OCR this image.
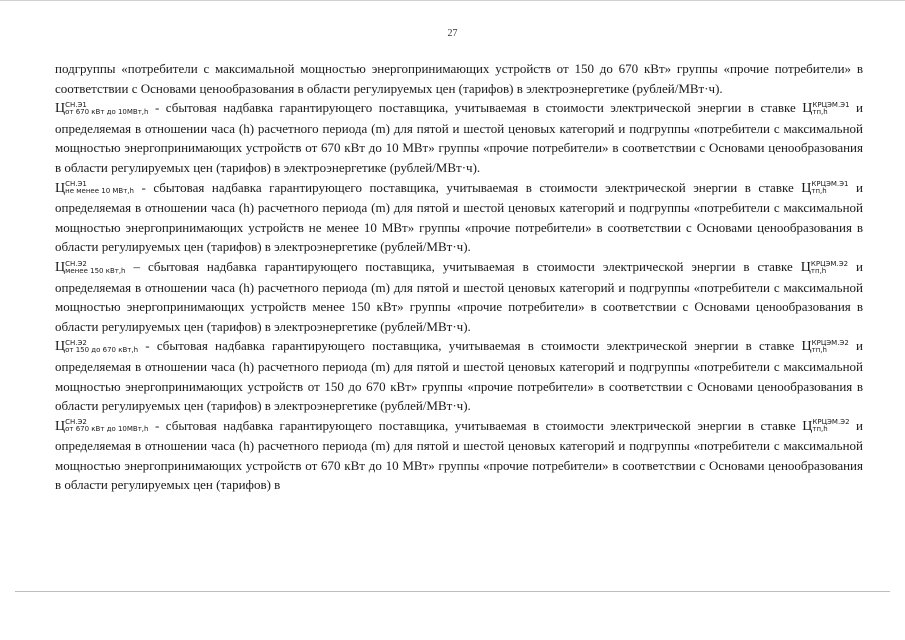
27

подгруппы «потребители с максимальной мощностью энергопринимающих устройств от 150 до 670 кВт» группы «прочие потребители» в соответствии с Основами ценообразования в области регулируемых цен (тарифов) в электроэнергетике (рублей/МВт·ч).

Ц СН.Э1
от 670 кВт до 10МВт,h - сбытовая надбавка гарантирующего поставщика, учитываемая в стоимости электрической энергии в ставке Ц КРЦЭМ.Э1
тп,h	и определяемая в отношении часа (h) расчетного периода (m) для пятой и шестой ценовых категорий и подгруппы «потребители с максимальной мощностью энергопринимающих устройств от 670 кВт до 10 МВт» группы «прочие потребители» в соответствии с Основами ценообразования в области регулируемых цен (тарифов) в электроэнергетике (рублей/МВт·ч).

Ц СН.Э1
не менее 10 МВт,h - сбытовая надбавка гарантирующего поставщика, учитываемая в стоимости электрической энергии в ставке Ц КРЦЭМ.Э1
тп,h	и определяемая в отношении часа (h) расчетного периода (m) для пятой и шестой ценовых категорий и подгруппы «потребители с максимальной мощностью энергопринимающих устройств не менее 10 МВт» группы «прочие потребители» в соответствии с Основами ценообразования в области регулируемых цен (тарифов) в электроэнергетике (рублей/МВт·ч).

Ц СН.Э2
менее 150 кВт,h – сбытовая надбавка гарантирующего поставщика, учитываемая в стоимости электрической энергии в ставке Ц КРЦЭМ.Э2
тп,h	и определяемая в отношении часа (h) расчетного периода (m) для пятой и шестой ценовых категорий и подгруппы «потребители с максимальной мощностью энергопринимающих устройств менее 150 кВт» группы «прочие потребители» в соответствии с Основами ценообразования в области регулируемых цен (тарифов) в электроэнергетике (рублей/МВт·ч).

Ц СН.Э2
от 150 до 670 кВт,h - сбытовая надбавка гарантирующего поставщика, учитываемая в стоимости электрической энергии в ставке Ц КРЦЭМ.Э2
тп,h	и определяемая в отношении часа (h) расчетного периода (m) для пятой и шестой ценовых категорий и подгруппы «потребители с максимальной мощностью энергопринимающих устройств от 150 до 670 кВт» группы «прочие потребители» в соответствии с Основами ценообразования в области регулируемых цен (тарифов) в электроэнергетике (рублей/МВт·ч).

Ц СН.Э2
от 670 кВт до 10МВт,h - сбытовая надбавка гарантирующего поставщика, учитываемая в стоимости электрической энергии в ставке Ц КРЦЭМ.Э2
тп,h	и определяемая в отношении часа (h) расчетного периода (m) для пятой и шестой ценовых категорий и подгруппы «потребители с максимальной мощностью энергопринимающих устройств от 670 кВт до 10 МВт» группы «прочие потребители» в соответствии с Основами ценообразования в области регулируемых цен (тарифов) в
